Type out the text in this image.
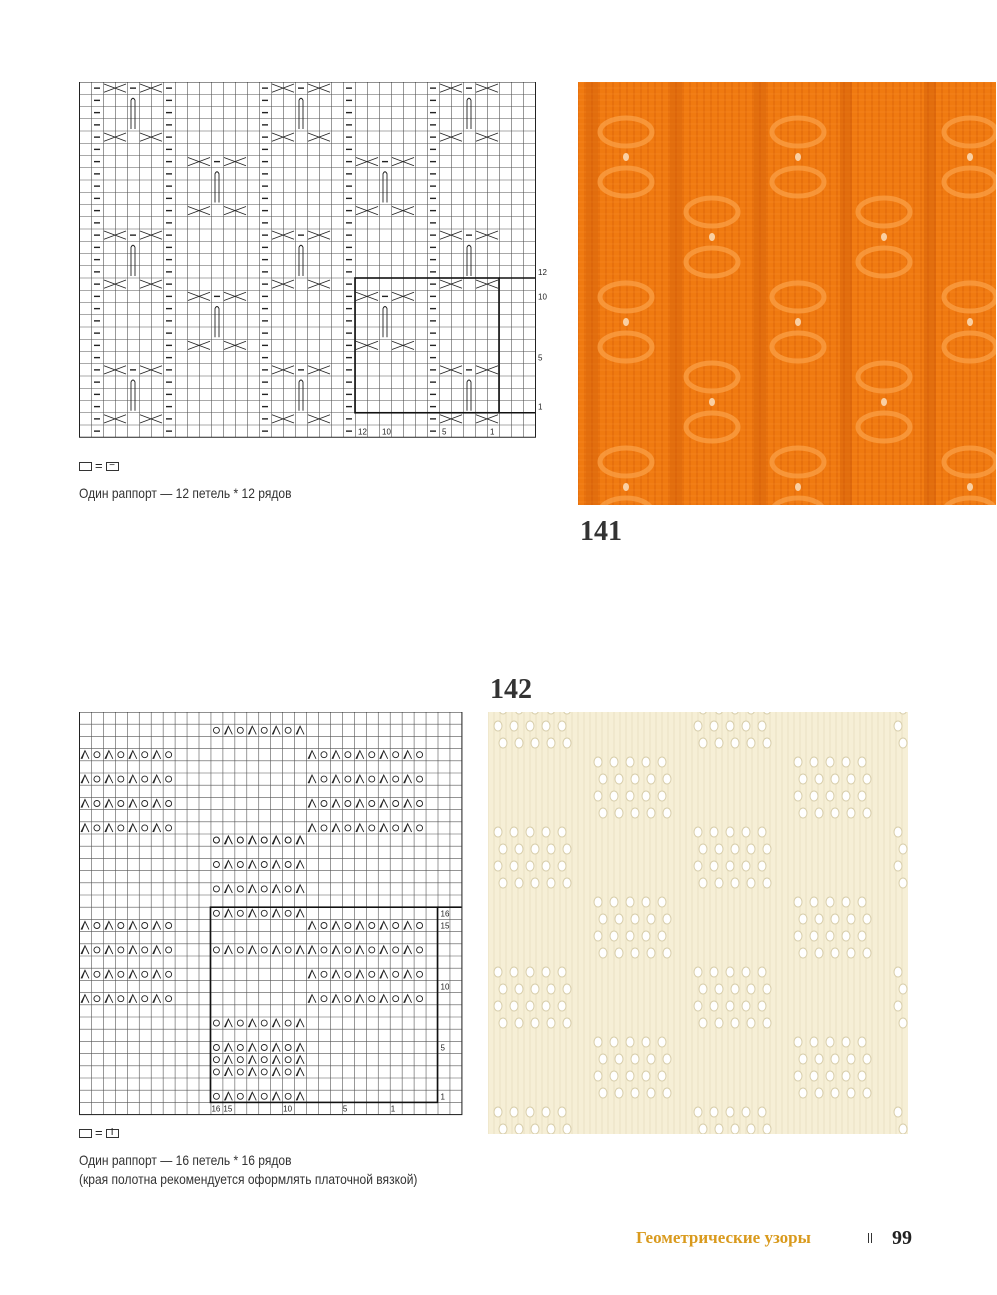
1
5
10
12
1
5
10
12
= −
Один раппорт — 12 петель * 12 рядов
141
142
1
5
10
15
16
1
5
10
15
16
= I
Один раппорт — 16 петель * 16 рядов
(края полотна рекомендуется оформлять платочной вязкой)
Геометрические узоры	99
